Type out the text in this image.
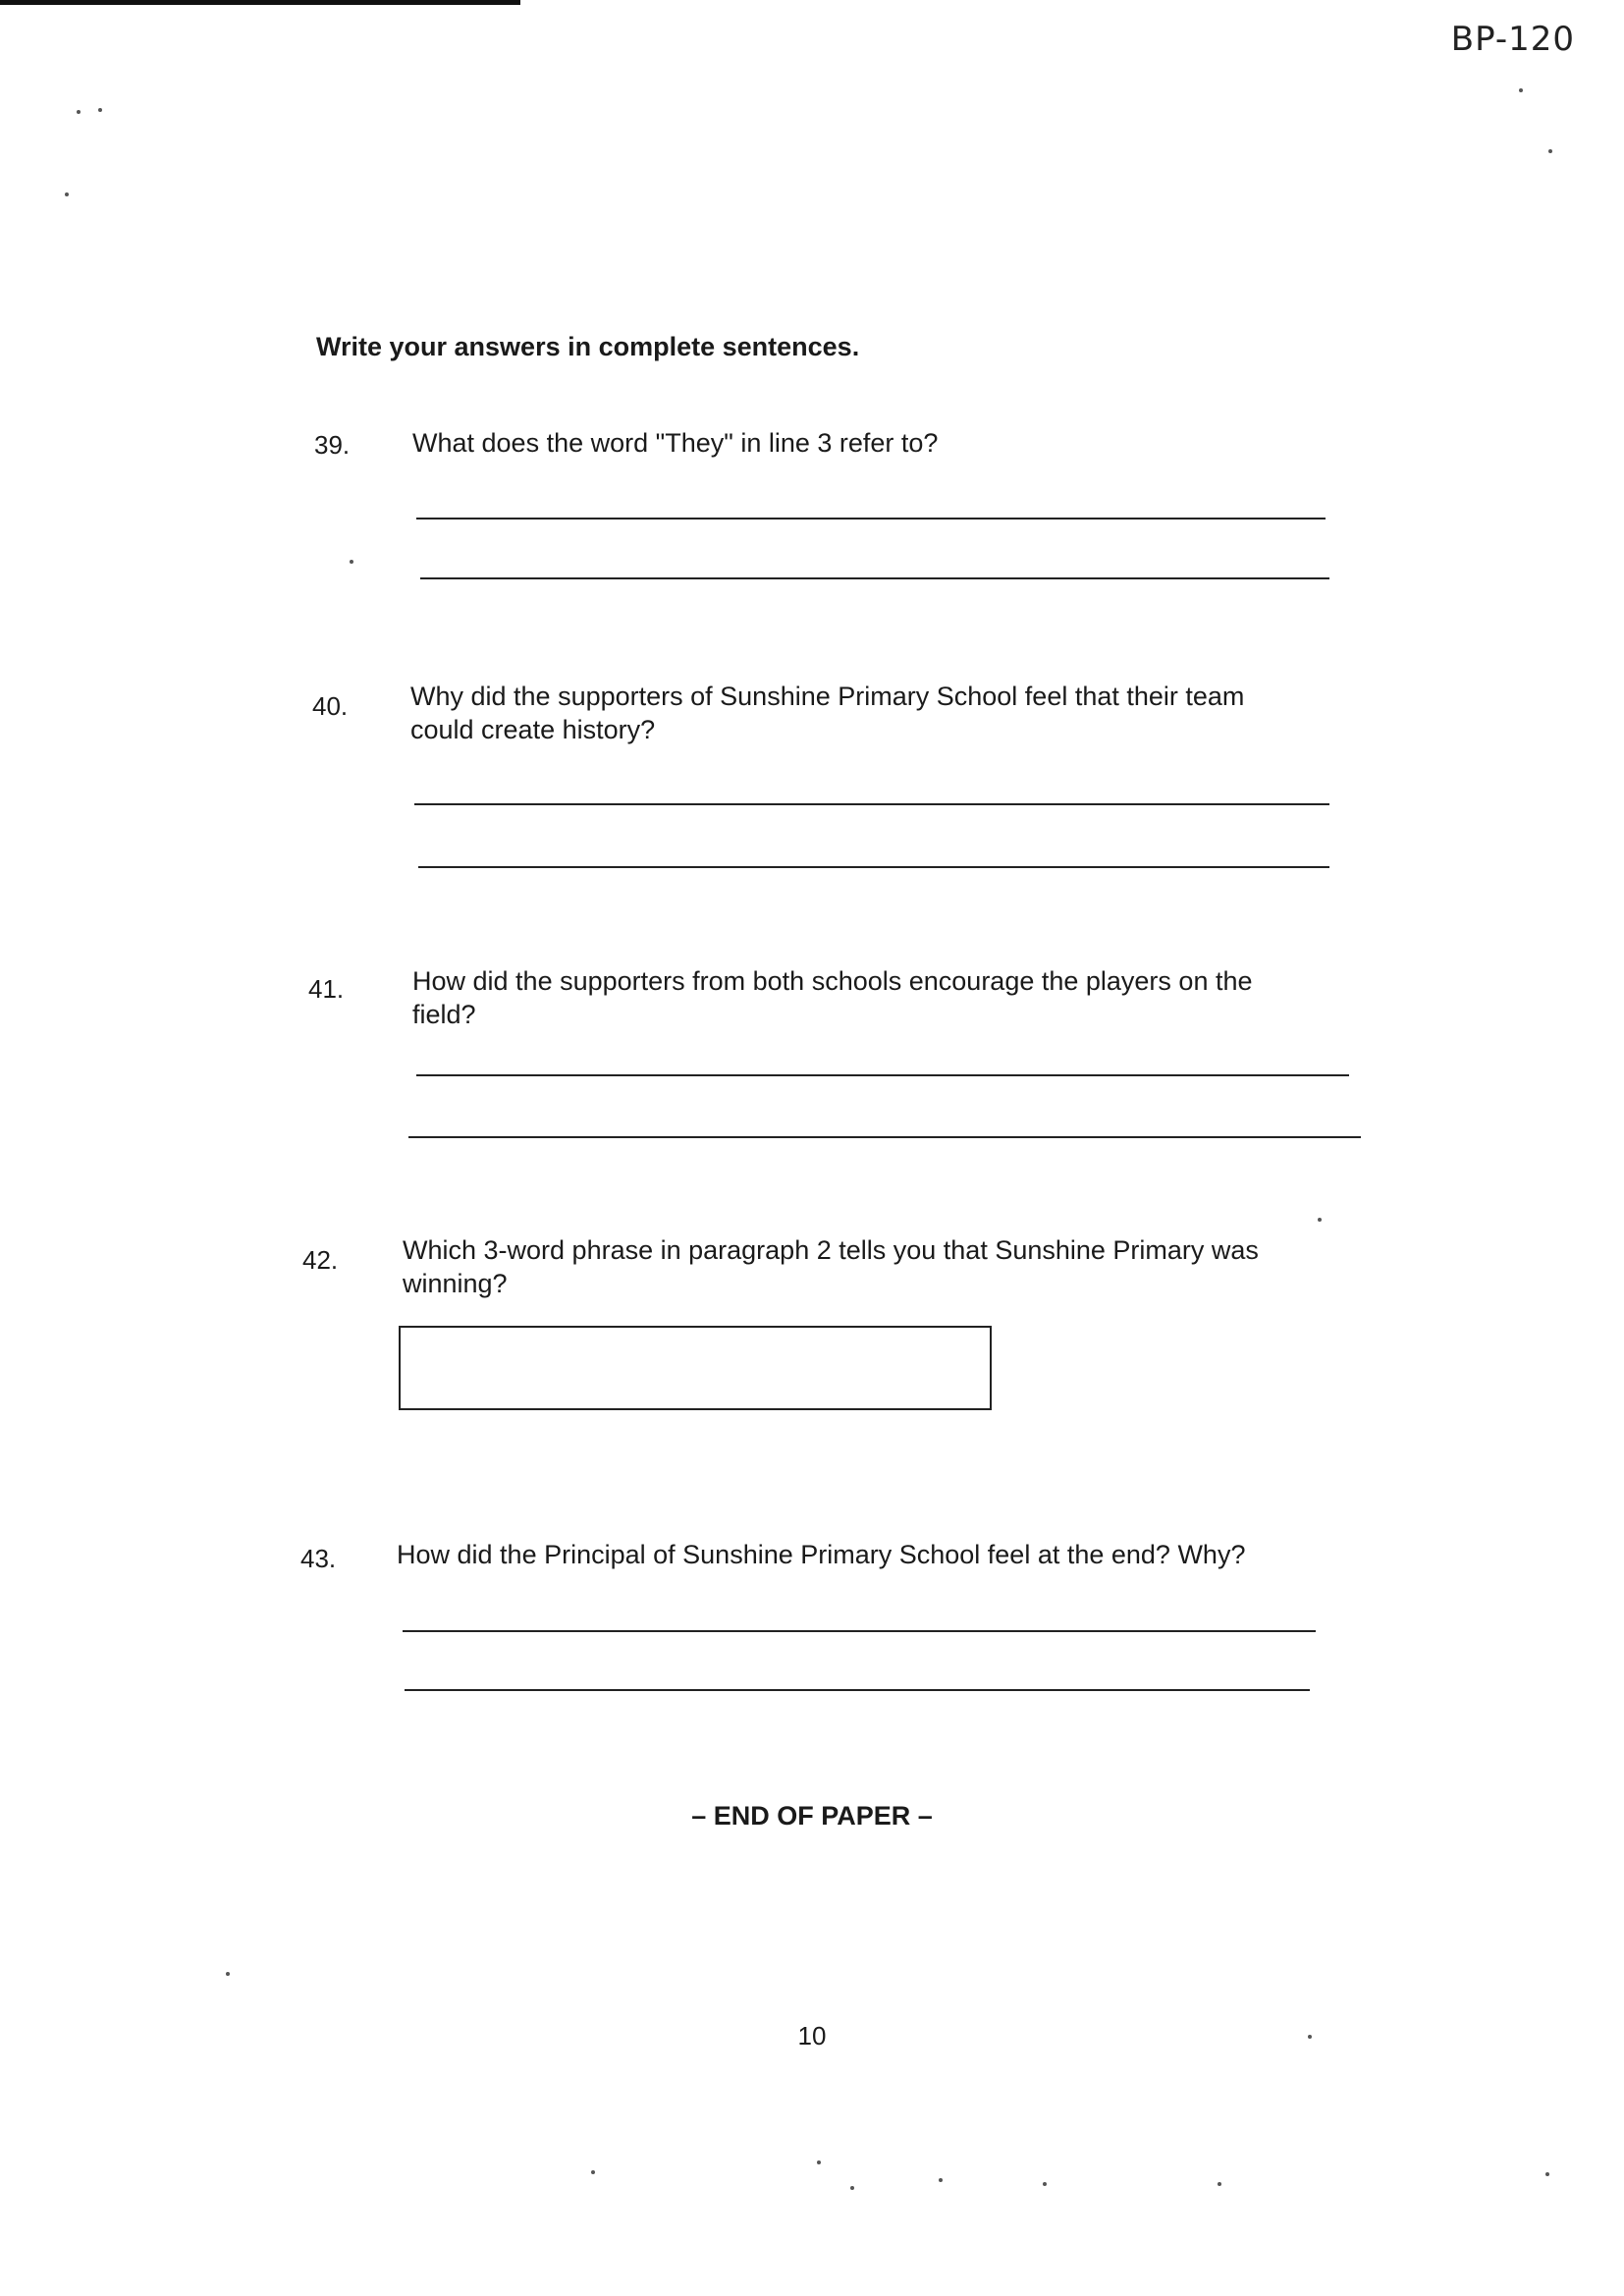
BP-120
Write your answers in complete sentences.
39. What does the word "They" in line 3 refer to?
40. Why did the supporters of Sunshine Primary School feel that their team could create history?
41.	How did the supporters from both schools encourage the players on the field?
42. Which 3-word phrase in paragraph 2 tells you that Sunshine Primary was winning?
43. How did the Principal of Sunshine Primary School feel at the end? Why?
– END OF PAPER –
10
